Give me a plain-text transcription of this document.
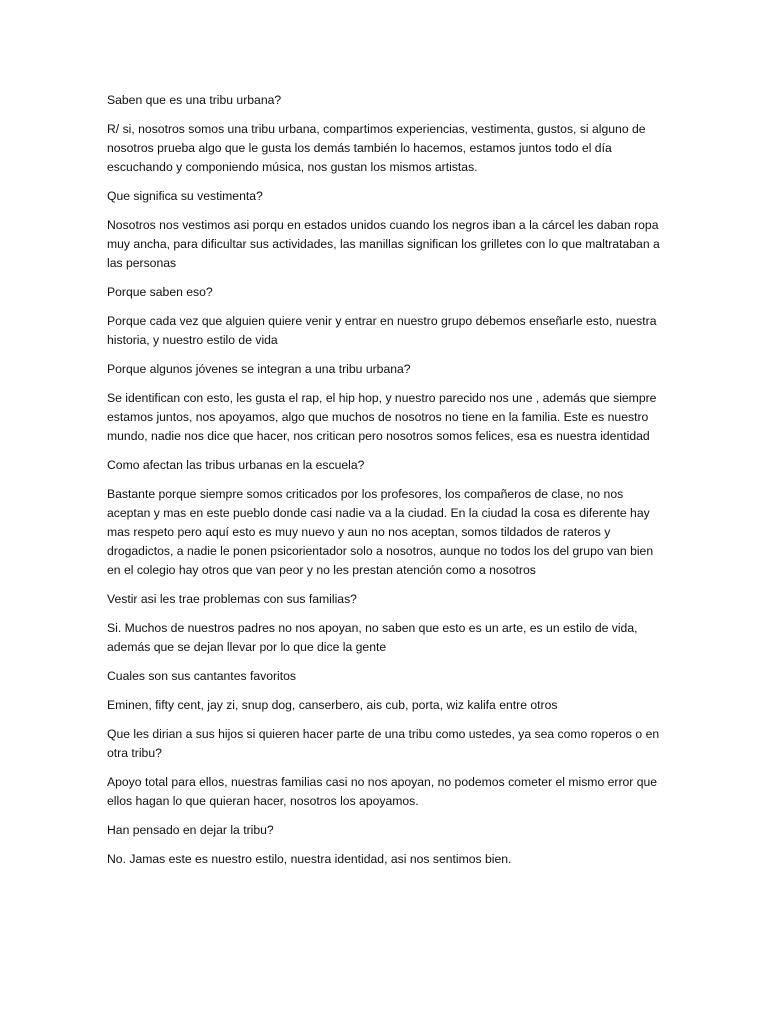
Saben que es una tribu urbana?

R/ si, nosotros somos una tribu urbana, compartimos experiencias, vestimenta, gustos, si alguno de nosotros prueba algo que le gusta los demás también lo hacemos, estamos juntos todo el día escuchando y componiendo música, nos gustan los mismos artistas.

Que significa su vestimenta?

Nosotros nos vestimos asi porqu en estados unidos cuando los negros iban a la cárcel les daban ropa muy ancha, para dificultar sus actividades, las manillas significan los grilletes con lo que maltrataban a las personas

Porque saben eso?

Porque cada vez que alguien quiere venir y entrar en nuestro grupo debemos enseñarle esto, nuestra historia, y nuestro estilo de vida

Porque algunos jóvenes se integran a una tribu urbana?

Se identifican con esto, les gusta el rap, el hip hop, y nuestro parecido nos une , además que siempre estamos juntos, nos apoyamos, algo que muchos de nosotros no tiene en la familia. Este es nuestro mundo, nadie nos dice que hacer, nos critican pero nosotros somos felices, esa es nuestra identidad

Como afectan las tribus urbanas en la escuela?

Bastante porque siempre somos criticados por los profesores, los compañeros de clase, no nos aceptan y mas en este pueblo donde casi nadie va a la ciudad. En la ciudad la cosa es diferente hay mas respeto pero aquí esto es muy nuevo y aun no nos aceptan, somos tildados de rateros y drogadictos, a nadie le ponen psicorientador solo a nosotros, aunque no todos los del grupo van bien en el colegio hay otros que van peor y no les prestan atención como a nosotros

Vestir asi les trae problemas con sus familias?

Si. Muchos de nuestros padres no nos apoyan, no saben que esto es un arte, es un estilo de vida, además que se dejan llevar por lo que dice la gente

Cuales son sus cantantes favoritos

Eminen, fifty cent, jay zi, snup dog, canserbero, ais cub, porta, wiz kalifa entre otros

Que les dirian a sus hijos si quieren hacer parte de una tribu como ustedes, ya sea como roperos o en otra tribu?

Apoyo total para ellos, nuestras familias casi no nos apoyan, no podemos cometer el mismo error que ellos hagan lo que quieran hacer, nosotros los apoyamos.

Han pensado en dejar la tribu?

No. Jamas este es nuestro estilo, nuestra identidad, asi nos sentimos bien.
